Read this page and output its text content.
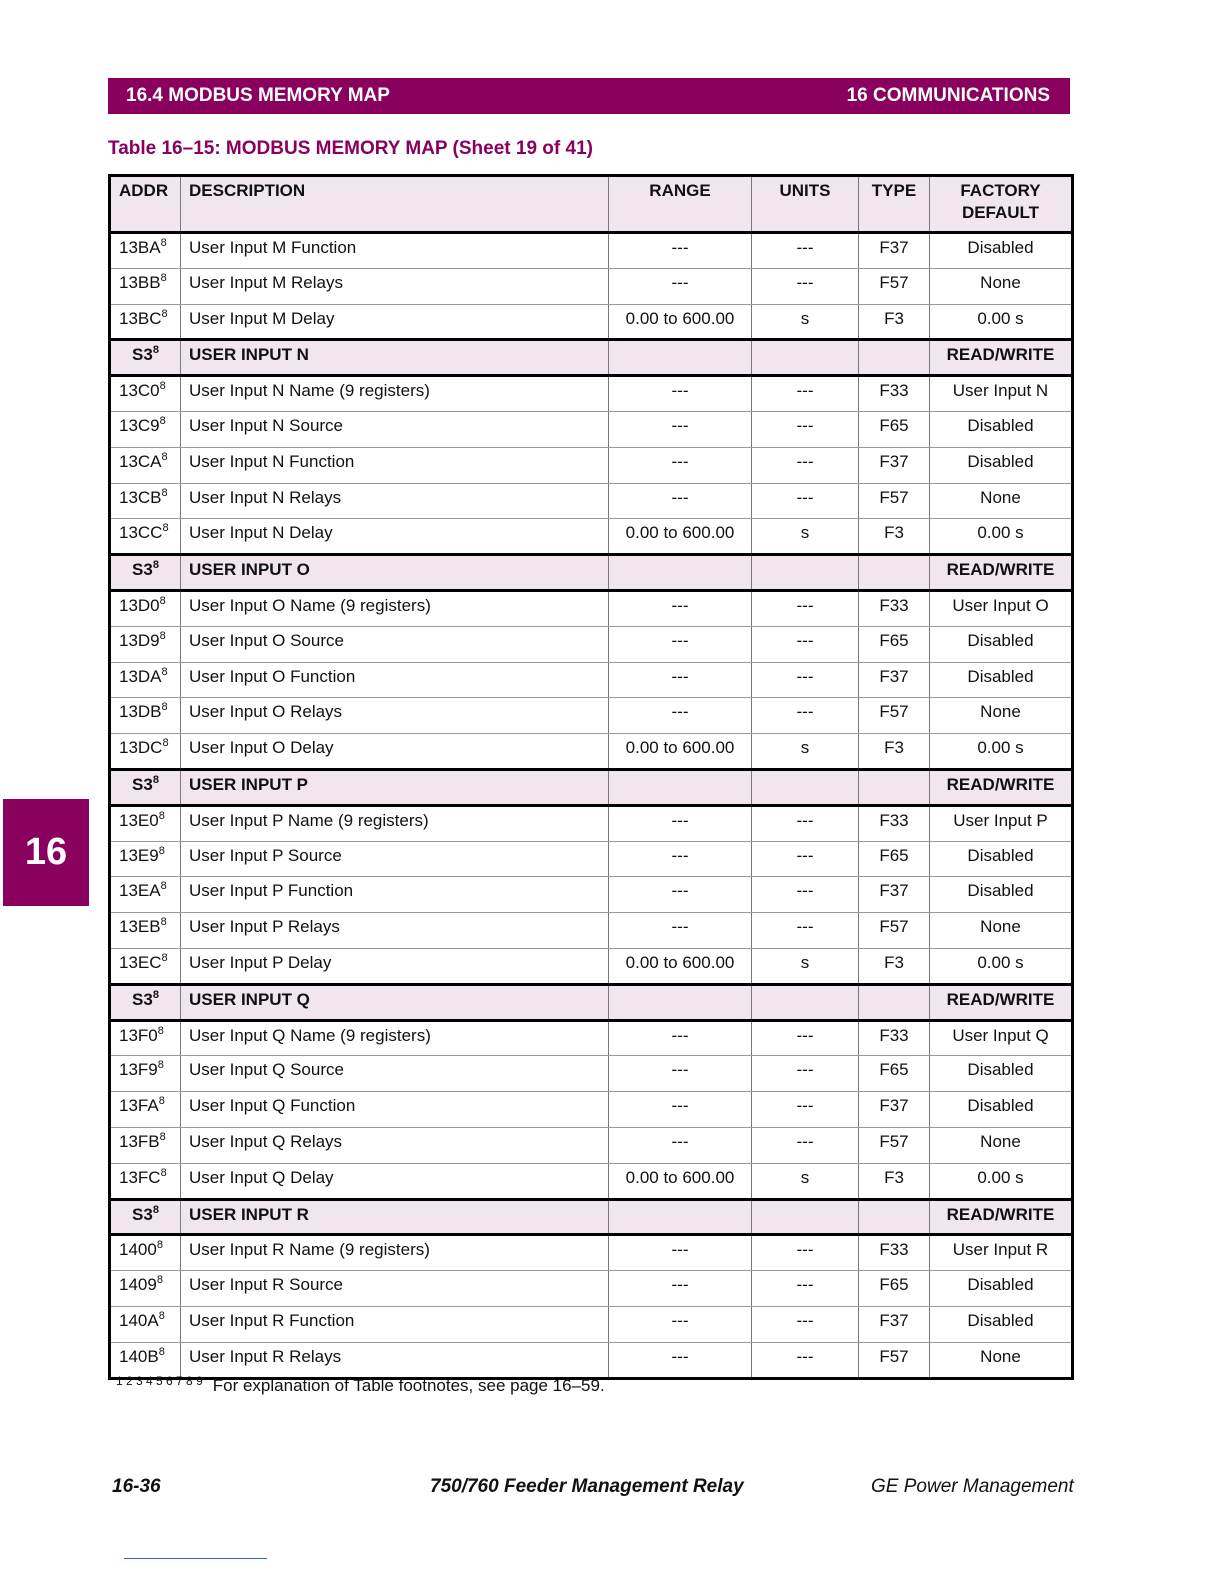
16.4 MODBUS MEMORY MAP	16 COMMUNICATIONS
Table 16–15: MODBUS MEMORY MAP (Sheet 19 of 41)
ADDR	DESCRIPTION	RANGE	UNITS	TYPE	FACTORY
DEFAULT

$13BA^8$	User Input M Function	---	---	F37	Disabled
$13BB^8$	User Input M Relays	---	---	F57	None
$13BC^8$	User Input M Delay	0.00 to 600.00	s	F3	0.00 s
$S3^8$	USER INPUT N				READ/WRITE
$13C0^8$	User Input N Name (9 registers)	---	---	F33	User Input N
$13C9^8$	User Input N Source	---	---	F65	Disabled
$13CA^8$	User Input N Function	---	---	F37	Disabled
$13CB^8$	User Input N Relays	---	---	F57	None
$13CC^8$	User Input N Delay	0.00 to 600.00	s	F3	0.00 s
$S3^8$	USER INPUT O				READ/WRITE
$13D0^8$	User Input O Name (9 registers)	---	---	F33	User Input O
$13D9^8$	User Input O Source	---	---	F65	Disabled
$13DA^8$	User Input O Function	---	---	F37	Disabled
$13DB^8$	User Input O Relays	---	---	F57	None
$13DC^8$	User Input O Delay	0.00 to 600.00	s	F3	0.00 s
$S3^8$	USER INPUT P				READ/WRITE
$13E0^8$	User Input P Name (9 registers)	---	---	F33	User Input P
$13E9^8$	User Input P Source	---	---	F65	Disabled
$13EA^8$	User Input P Function	---	---	F37	Disabled
$13EB^8$	User Input P Relays	---	---	F57	None
$13EC^8$	User Input P Delay	0.00 to 600.00	s	F3	0.00 s
$S3^8$	USER INPUT Q				READ/WRITE
$13F0^8$	User Input Q Name (9 registers)	---	---	F33	User Input Q
$13F9^8$	User Input Q Source	---	---	F65	Disabled
$13FA^8$	User Input Q Function	---	---	F37	Disabled
$13FB^8$	User Input Q Relays	---	---	F57	None
$13FC^8$	User Input Q Delay	0.00 to 600.00	s	F3	0.00 s
$S3^8$	USER INPUT R				READ/WRITE
1400$^8$	User Input R Name (9 registers)	---	---	F33	User Input R
1409$^8$	User Input R Source	---	---	F65	Disabled
$140A^8$	User Input R Function	---	---	F37	Disabled
$140B^8$	User Input R Relays	---	---	F57	None
$^{1 2 3 4 5 6 7 8 9}$ For explanation of Table footnotes, see page 16–59.
16
16-36	750/760 Feeder Management Relay	GE Power Management
